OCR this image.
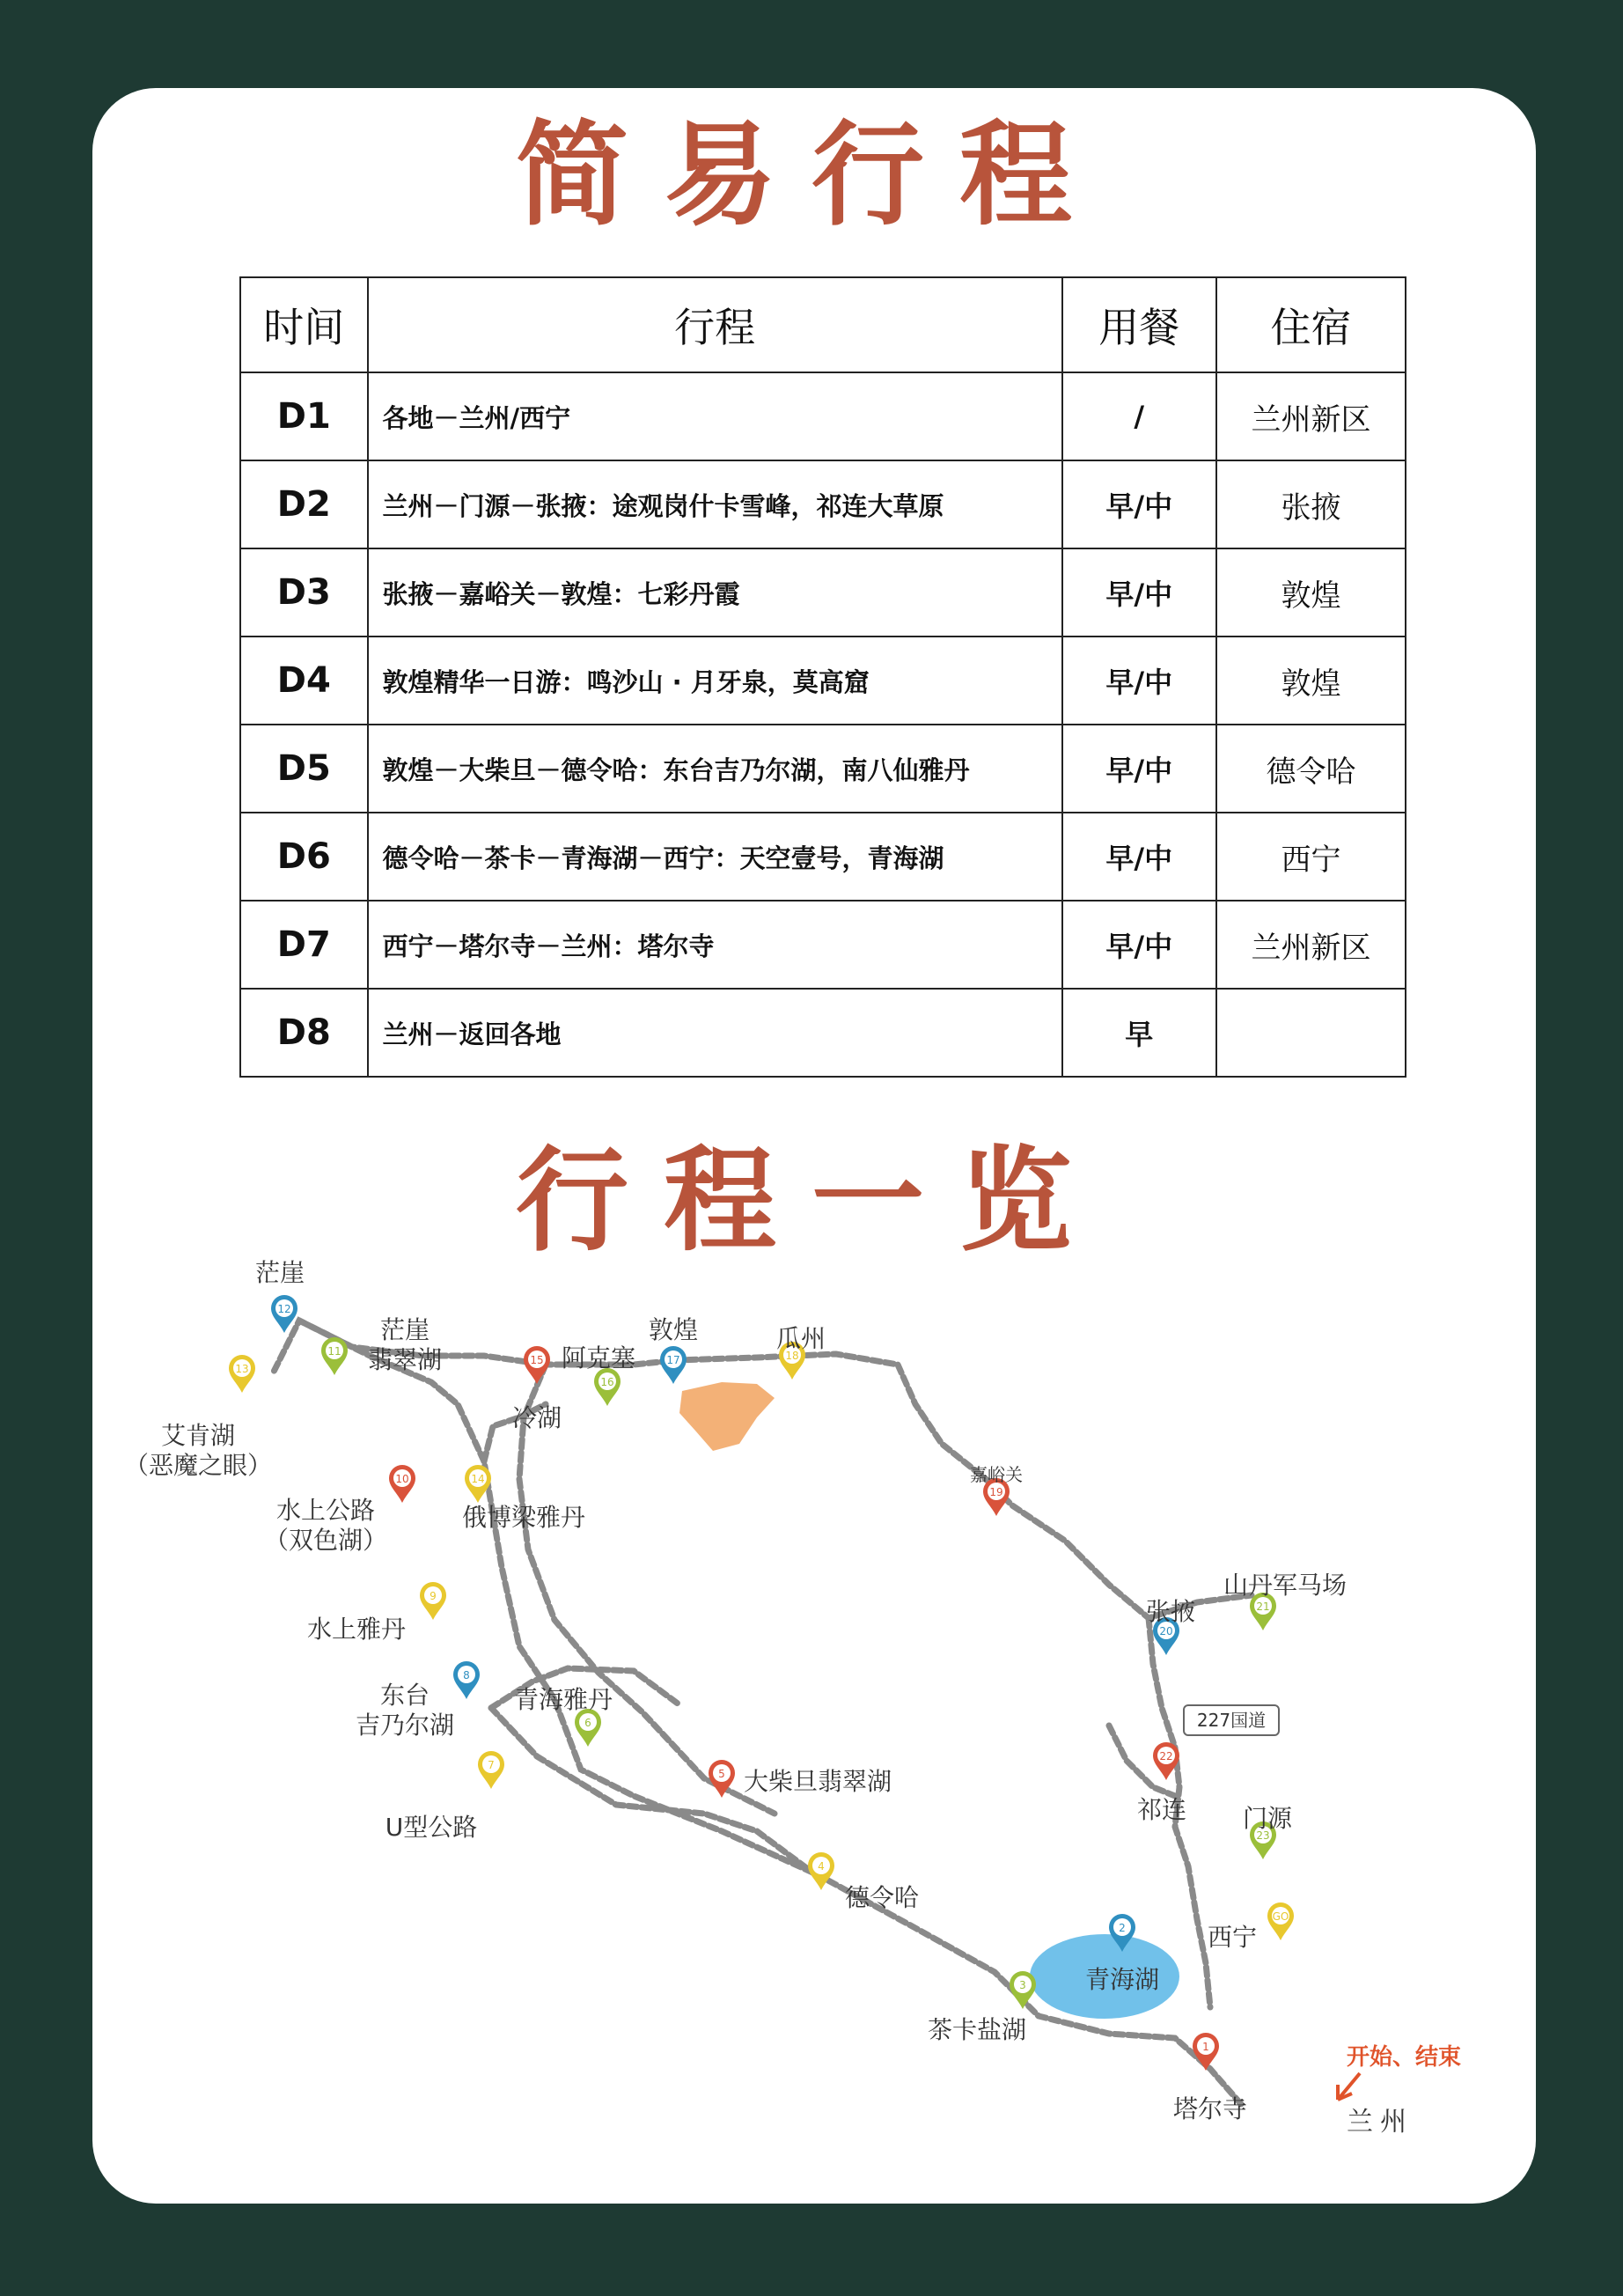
简易行程
时间	行程	用餐	住宿
D1	各地－兰州/西宁	/	兰州新区
D2	兰州－门源－张掖：途观岗什卡雪峰，祁连大草原	早/中	张掖
D3	张掖－嘉峪关－敦煌：七彩丹霞	早/中	敦煌
D4	敦煌精华一日游：鸣沙山 · 月牙泉，莫高窟	早/中	敦煌
D5	敦煌－大柴旦－德令哈：东台吉乃尔湖，南八仙雅丹	早/中	德令哈
D6	德令哈－茶卡－青海湖－西宁：天空壹号，青海湖	早/中	西宁
D7	西宁－塔尔寺－兰州：塔尔寺	早/中	兰州新区
D8	兰州－返回各地	早	
行程一览
1
2
3
4
5
6
7
8
9
10
11
12
13
14
15
16
17	18
19
20
21
22
23
GO
塔尔寺
青海湖
茶卡盐湖
德令哈
大柴旦翡翠湖
青海雅丹
U型公路
东台吉乃尔湖
水上雅丹
水上公路（双色湖）
茫崖翡翠湖
茫崖
艾肯湖（恶魔之眼）
俄博梁雅丹
冷湖
阿克塞
敦煌	瓜州
嘉峪关
张掖
山丹军马场
祁连 门源
西宁
227国道
开始、结束
兰州
